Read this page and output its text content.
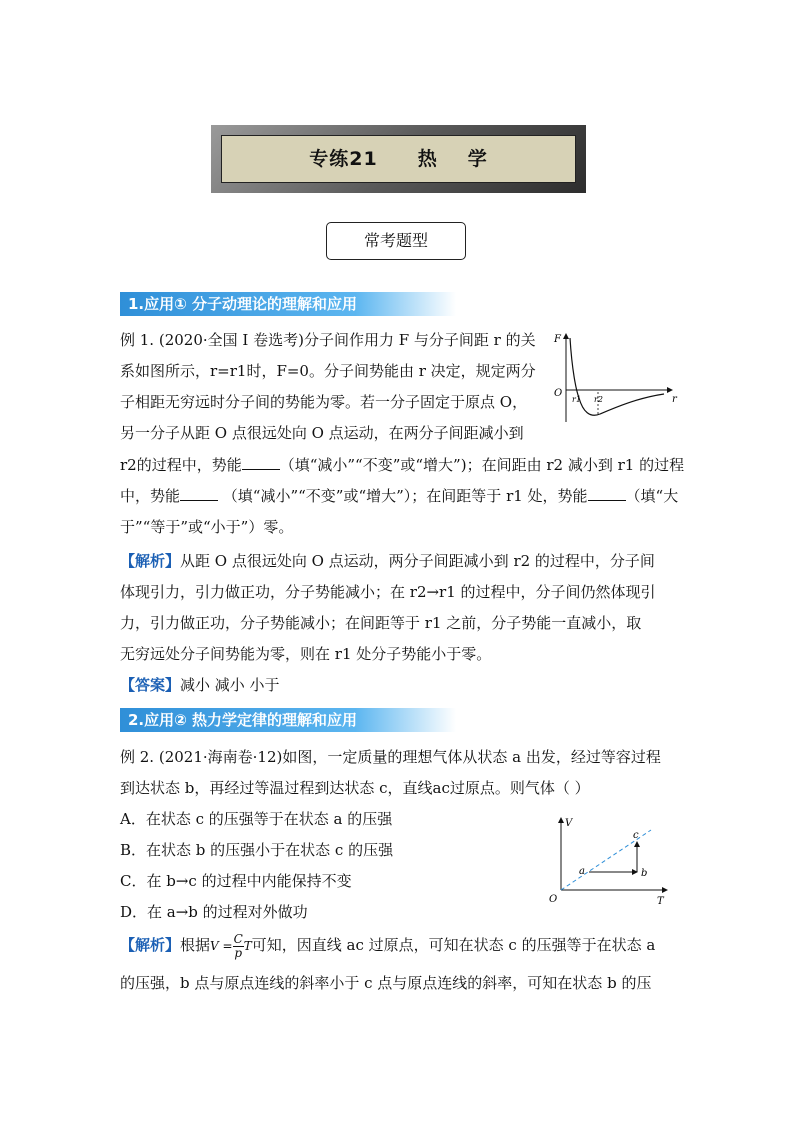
专练21 热 学
常考题型
1.应用① 分子动理论的理解和应用
例 1. (2020·全国 I 卷选考)分子间作用力 F 与分子间距 r 的关
系如图所示，r=r1时，F=0。分子间势能由 r 决定，规定两分
子相距无穷远时分子间的势能为零。若一分子固定于原点 O，
另一分子从距 O 点很远处向 O 点运动，在两分子间距减小到
r2的过程中，势能	（填“减小”“不变”或“增大”)；在间距由 r2 减小到 r1 的过程
中，势能	（填“减小”“不变”或“增大”）；在间距等于 r1 处，势能	（填“大
于”“等于”或“小于”）零。
【解析】从距 O 点很远处向 O 点运动，两分子间距减小到 r2 的过程中，分子间
体现引力，引力做正功，分子势能减小；在 r2→r1 的过程中，分子间仍然体现引
力，引力做正功，分子势能减小；在间距等于 r1 之前，分子势能一直减小，取
无穷远处分子间势能为零，则在 r1 处分子势能小于零。
【答案】减小 减小 小于
F
r
O
r1 r2
2.应用② 热力学定律的理解和应用
例 2. (2021·海南卷·12)如图，一定质量的理想气体从状态 a 出发，经过等容过程
到达状态 b，再经过等温过程到达状态 c，直线ac过原点。则气体（ ）
A．在状态 c 的压强等于在状态 a 的压强
B．在状态 b 的压强小于在状态 c 的压强
C．在 b→c 的过程中内能保持不变
D．在 a→b 的过程对外做功
【解析】根据$V = \frac{C}{p}T$可知，因直线 ac 过原点，可知在状态 c 的压强等于在状态 a
的压强，b 点与原点连线的斜率小于 c 点与原点连线的斜率，可知在状态 b 的压
V
T
O
a	b
c
